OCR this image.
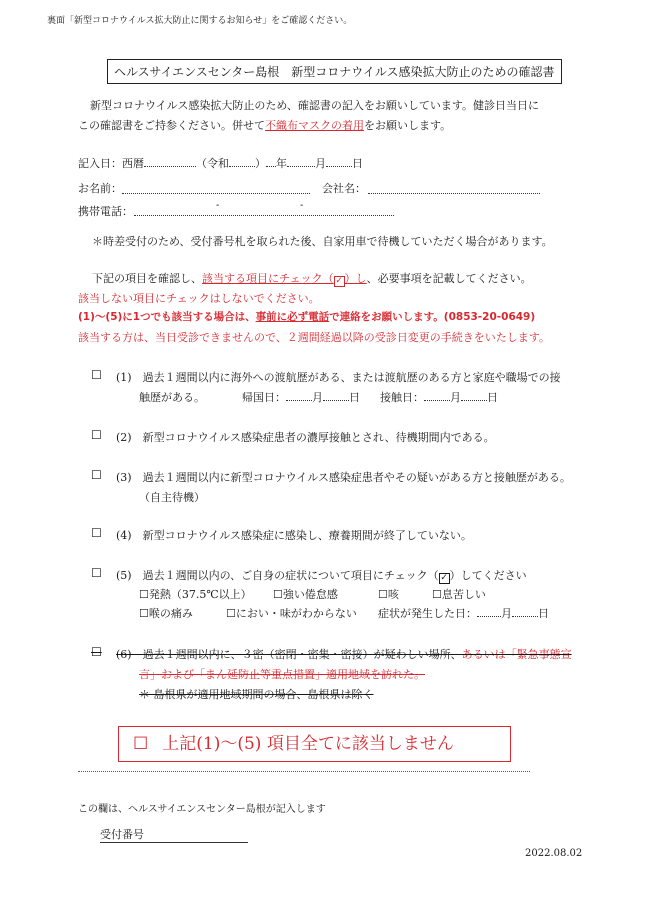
裏面「新型コロナウイルス拡大防止に関するお知らせ」をご確認ください。
ヘルスサイエンスセンター島根　新型コロナウイルス感染拡大防止のための確認書
新型コロナウイルス感染拡大防止のため、確認書の記入をお願いしています。健診日当日に
この確認書をご持参ください。併せて不織布マスクの着用をお願いします。
記入日：西暦	（令和 ） 年	月 日
お名前：	会社名：
携帯電話：	-	-
＊時差受付のため、受付番号札を取られた後、自家用車で待機していただく場合があります。
下記の項目を確認し、該当する項目にチェック（ ✓ ）し、必要事項を記載してください。
該当しない項目にチェックはしないでください。
(1)〜(5)に1つでも該当する場合は、事前に必ず電話で連絡をお願いします。(0853-20-0649)
該当する方は、当日受診できませんので、２週間経過以降の受診日変更の手続きをいたします。
☐ (1)　過去１週間以内に海外への渡航歴がある、または渡航歴のある方と家庭や職場での接
触歴がある。	帰国日： 月 日 接触日： 月 日
☐ (2)　新型コロナウイルス感染症患者の濃厚接触とされ、待機期間内である。
☐ (3)　過去１週間以内に新型コロナウイルス感染症患者やその疑いがある方と接触歴がある。
（自主待機）
☐ (4)　新型コロナウイルス感染症に感染し、療養期間が終了していない。
☐ (5)　過去１週間以内の、ご自身の症状について項目にチェック（ ✓ ）してください
☐発熱（37.5℃以上） ☐強い倦怠感	☐咳	☐息苦しい
☐喉の痛み	☐におい・味がわからない 症状が発生した日： 月 日
☐ (6)　過去１週間以内に、３密（密閉・密集・密接）が疑わしい場所、あるいは「緊急事態宣
言」および「まん延防止等重点措置」適用地域を訪れた。
＊ 島根県が適用地域期間の場合、島根県は除く
☐ 上記(1)〜(5) 項目全てに該当しません
この欄は、ヘルスサイエンスセンター島根が記入します
受付番号
2022.08.02
